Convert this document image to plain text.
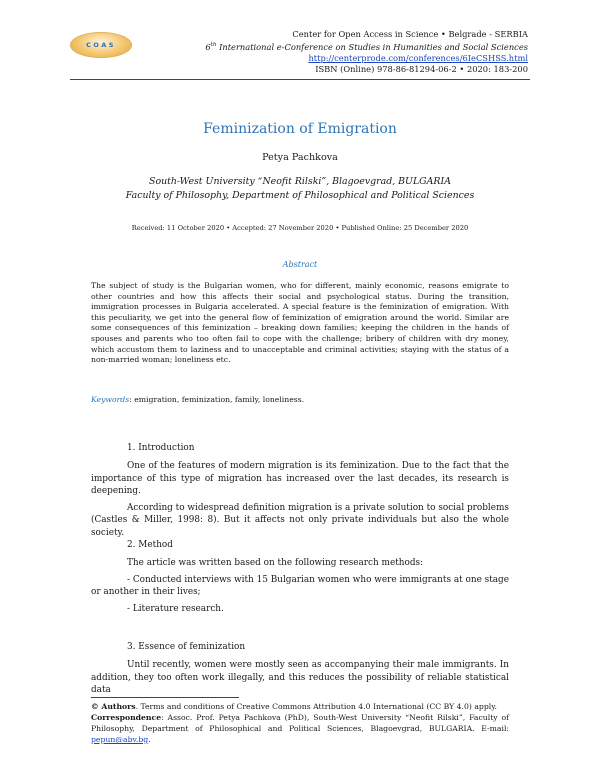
COAS
Center for Open Access in Science • Belgrade - SERBIA
6th International e-Conference on Studies in Humanities and Social Sciences
http://centerprode.com/conferences/6IeCSHSS.html
ISBN (Online) 978-86-81294-06-2 • 2020: 183-200
Feminization of Emigration
Petya Pachkova
South-West University “Neofit Rilski”, Blagoevgrad, BULGARIA
Faculty of Philosophy, Department of Philosophical and Political Sciences
Received: 11 October 2020 • Accepted: 27 November 2020 • Published Online: 25 December 2020
Abstract

The subject of study is the Bulgarian women, who for different, mainly economic, reasons emigrate to other countries and how this affects their social and psychological status. During the transition, immigration processes in Bulgaria accelerated. A special feature is the feminization of emigration. With this peculiarity, we get into the general flow of feminization of emigration around the world. Similar are some consequences of this feminization – breaking down families; keeping the children in the hands of spouses and parents who too often fail to cope with the challenge; bribery of children with dry money, which accustom them to laziness and to unacceptable and criminal activities; staying with the status of a non-married woman; loneliness etc.

Keywords: emigration, feminization, family, loneliness.
1. Introduction

One of the features of modern migration is its feminization. Due to the fact that the importance of this type of migration has increased over the last decades, its research is deepening.

According to widespread definition migration is a private solution to social problems (Castles & Miller, 1998: 8). But it affects not only private individuals but also the whole society.

2. Method

The article was written based on the following research methods:

- Conducted interviews with 15 Bulgarian women who were immigrants at one stage or another in their lives;

- Literature research.

3. Essence of feminization

Until recently, women were mostly seen as accompanying their male immigrants. In addition, they too often work illegally, and this reduces the possibility of reliable statistical data

© Authors. Terms and conditions of Creative Commons Attribution 4.0 International (CC BY 4.0) apply.
Correspondence: Assoc. Prof. Petya Pachkova (PhD), South-West University “Neofit Rilski”, Faculty of Philosophy, Department of Philosophical and Political Sciences, Blagoevgrad, BULGARIA. E-mail: pepun@abv.bg.
